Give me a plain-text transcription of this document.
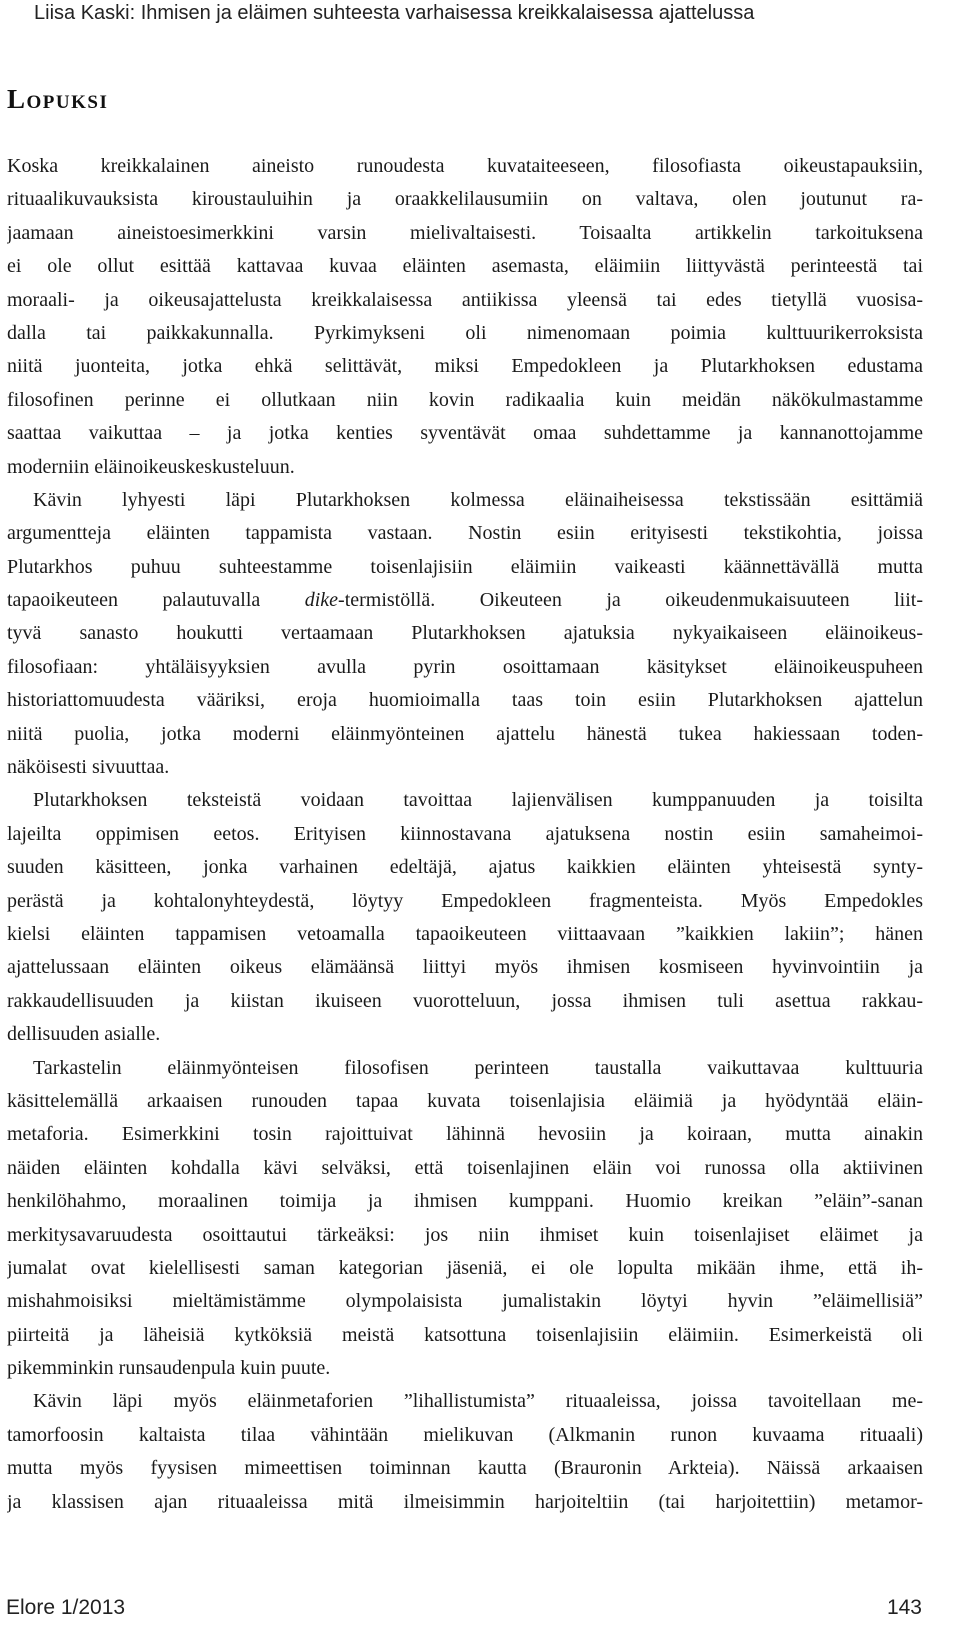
Liisa Kaski: Ihmisen ja eläimen suhteesta varhaisessa kreikkalaisessa ajattelussa
Lopuksi
Koska kreikkalainen aineisto runoudesta kuvataiteeseen, filosofiasta oikeustapauksiin,
rituaalikuvauksista kiroustauluihin ja oraakkelilausumiin on valtava, olen joutunut ra-
jaamaan aineistoesimerkkini varsin mielivaltaisesti. Toisaalta artikkelin tarkoituksena
ei ole ollut esittää kattavaa kuvaa eläinten asemasta, eläimiin liittyvästä perinteestä tai
moraali- ja oikeusajattelusta kreikkalaisessa antiikissa yleensä tai edes tietyllä vuosisa-
dalla tai paikkakunnalla. Pyrkimykseni oli nimenomaan poimia kulttuurikerroksista
niitä juonteita, jotka ehkä selittävät, miksi Empedokleen ja Plutarkhoksen edustama
filosofinen perinne ei ollutkaan niin kovin radikaalia kuin meidän näkökulmastamme
saattaa vaikuttaa – ja jotka kenties syventävät omaa suhdettamme ja kannanottojamme
moderniin eläinoikeuskeskusteluun.
Kävin lyhyesti läpi Plutarkhoksen kolmessa eläinaiheisessa tekstissään esittämiä
argumentteja eläinten tappamista vastaan. Nostin esiin erityisesti tekstikohtia, joissa
Plutarkhos puhuu suhteestamme toisenlajisiin eläimiin vaikeasti käännettävällä mutta
tapaoikeuteen palautuvalla dike-termistöllä. Oikeuteen ja oikeudenmukaisuuteen liit-
tyvä sanasto houkutti vertaamaan Plutarkhoksen ajatuksia nykyaikaiseen eläinoikeus-
filosofiaan: yhtäläisyyksien avulla pyrin osoittamaan käsitykset eläinoikeuspuheen
historiattomuudesta vääriksi, eroja huomioimalla taas toin esiin Plutarkhoksen ajattelun
niitä puolia, jotka moderni eläinmyönteinen ajattelu hänestä tukea hakiessaan toden-
näköisesti sivuuttaa.
Plutarkhoksen teksteistä voidaan tavoittaa lajienvälisen kumppanuuden ja toisilta
lajeilta oppimisen eetos. Erityisen kiinnostavana ajatuksena nostin esiin samaheimoi-
suuden käsitteen, jonka varhainen edeltäjä, ajatus kaikkien eläinten yhteisestä synty-
perästä ja kohtalonyhteydestä, löytyy Empedokleen fragmenteista. Myös Empedokles
kielsi eläinten tappamisen vetoamalla tapaoikeuteen viittaavaan ”kaikkien lakiin”; hänen
ajattelussaan eläinten oikeus elämäänsä liittyi myös ihmisen kosmiseen hyvinvointiin ja
rakkaudellisuuden ja kiistan ikuiseen vuorotteluun, jossa ihmisen tuli asettua rakkau-
dellisuuden asialle.
Tarkastelin eläinmyönteisen filosofisen perinteen taustalla vaikuttavaa kulttuuria
käsittelemällä arkaaisen runouden tapaa kuvata toisenlajisia eläimiä ja hyödyntää eläin-
metaforia. Esimerkkini tosin rajoittuivat lähinnä hevosiin ja koiraan, mutta ainakin
näiden eläinten kohdalla kävi selväksi, että toisenlajinen eläin voi runossa olla aktiivinen
henkilöhahmo, moraalinen toimija ja ihmisen kumppani. Huomio kreikan ”eläin”-sanan
merkitysavaruudesta osoittautui tärkeäksi: jos niin ihmiset kuin toisenlajiset eläimet ja
jumalat ovat kielellisesti saman kategorian jäseniä, ei ole lopulta mikään ihme, että ih-
mishahmoisiksi mieltämistämme olympolaisista jumalistakin löytyi hyvin ”eläimellisiä”
piirteitä ja läheisiä kytköksiä meistä katsottuna toisenlajisiin eläimiin. Esimerkeistä oli
pikemminkin runsaudenpula kuin puute.
Kävin läpi myös eläinmetaforien ”lihallistumista” rituaaleissa, joissa tavoitellaan me-
tamorfoosin kaltaista tilaa vähintään mielikuvan (Alkmanin runon kuvaama rituaali)
mutta myös fyysisen mimeettisen toiminnan kautta (Brauronin Arkteia). Näissä arkaaisen
ja klassisen ajan rituaaleissa mitä ilmeisimmin harjoiteltiin (tai harjoitettiin) metamor-
Elore 1/2013	143
